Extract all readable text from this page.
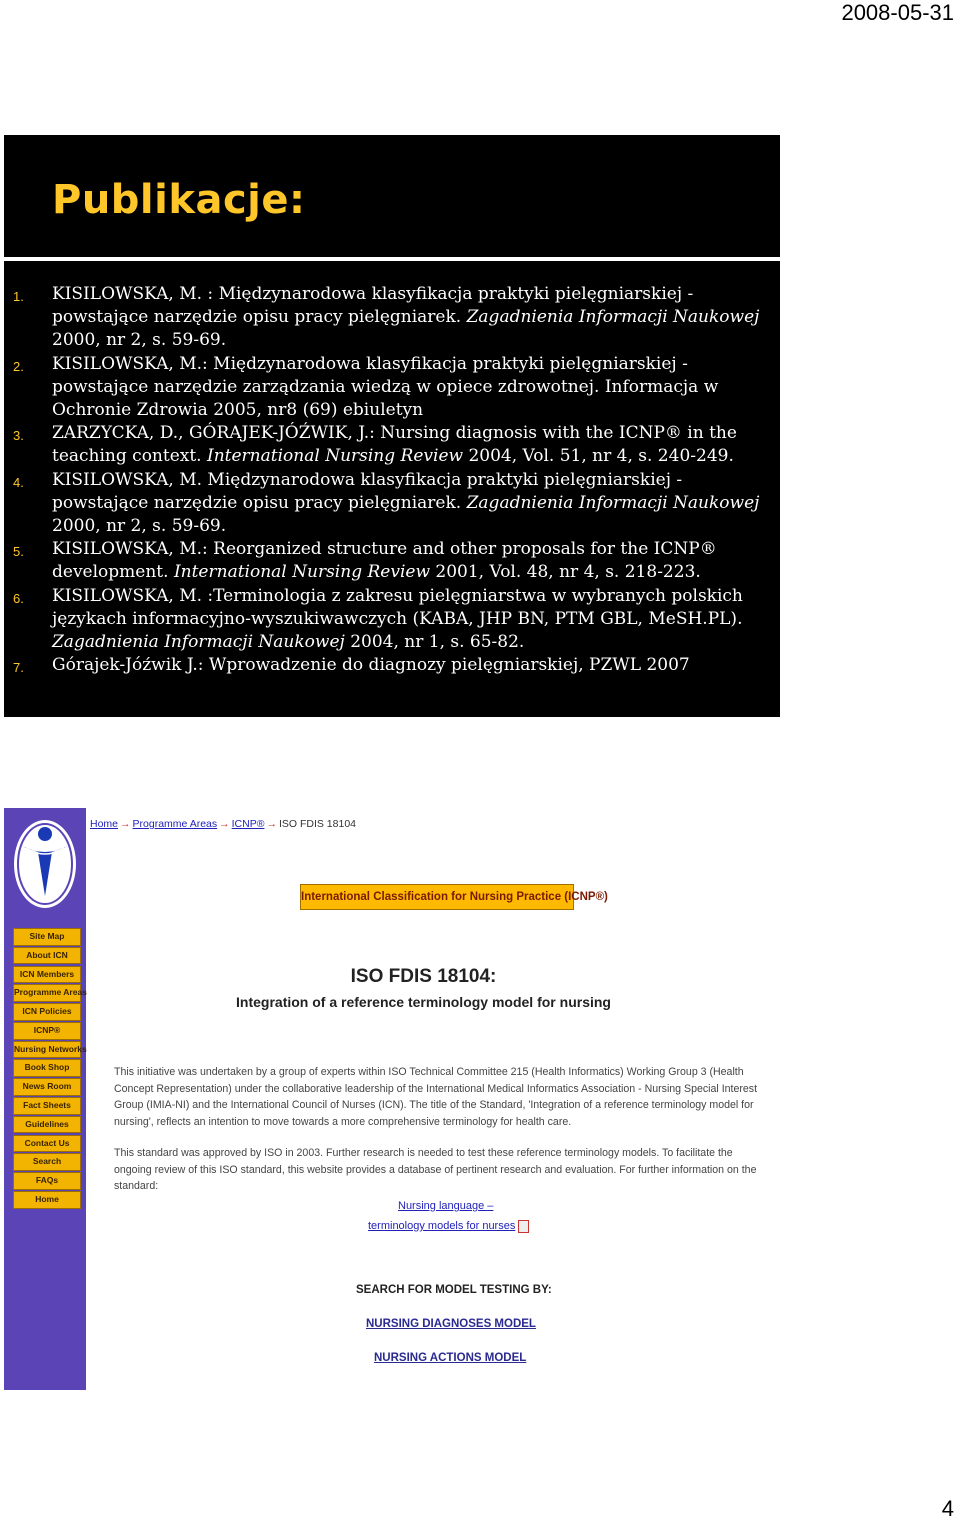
2008-05-31
Publikacje:
1. KISILOWSKA, M. : Międzynarodowa klasyfikacja praktyki pielęgniarskiej - powstające narzędzie opisu pracy pielęgniarek. Zagadnienia Informacji Naukowej 2000, nr 2, s. 59-69.
2. KISILOWSKA, M.: Międzynarodowa klasyfikacja praktyki pielęgniarskiej - powstające narzędzie zarządzania wiedzą w opiece zdrowotnej. Informacja w Ochronie Zdrowia 2005, nr8 (69) ebiuletyn
3. ZARZYCKA, D., GÓRAJEK-JÓŹWIK, J.: Nursing diagnosis with the ICNP® in the teaching context. International Nursing Review 2004, Vol. 51, nr 4, s. 240-249.
4. KISILOWSKA, M. Międzynarodowa klasyfikacja praktyki pielęgniarskiej - powstające narzędzie opisu pracy pielęgniarek. Zagadnienia Informacji Naukowej 2000, nr 2, s. 59-69.
5. KISILOWSKA, M.: Reorganized structure and other proposals for the ICNP® development. International Nursing Review 2001, Vol. 48, nr 4, s. 218-223.
6. KISILOWSKA, M. :Terminologia z zakresu pielęgniarstwa w wybranych polskich językach informacyjno-wyszukiwawczych (KABA, JHP BN, PTM GBL, MeSH.PL). Zagadnienia Informacji Naukowej 2004, nr 1, s. 65-82.
7. Górajek-Jóźwik J.: Wprowadzenie do diagnozy pielęgniarskiej, PZWL 2007
Site Map
About ICN
ICN Members
Programme Areas
ICN Policies
ICNP®
Nursing Networks
Book Shop
News Room
Fact Sheets
Guidelines
Contact Us
Search
FAQs
Home
Home → Programme Areas → ICNP® → ISO FDIS 18104
International Classification for Nursing Practice (ICNP®)
ISO FDIS 18104:
Integration of a reference terminology model for nursing

This initiative was undertaken by a group of experts within ISO Technical Committee 215 (Health Informatics) Working Group 3 (Health Concept Representation) under the collaborative leadership of the International Medical Informatics Association - Nursing Special Interest Group (IMIA-NI) and the International Council of Nurses (ICN). The title of the Standard, 'Integration of a reference terminology model for nursing', reflects an intention to move towards a more comprehensive terminology for health care.

This standard was approved by ISO in 2003. Further research is needed to test these reference terminology models. To facilitate the ongoing review of this ISO standard, this website provides a database of pertinent research and evaluation. For further information on the standard:

Nursing language –
terminology models for nurses
SEARCH FOR MODEL TESTING BY:
NURSING DIAGNOSES MODEL
NURSING ACTIONS MODEL
4
